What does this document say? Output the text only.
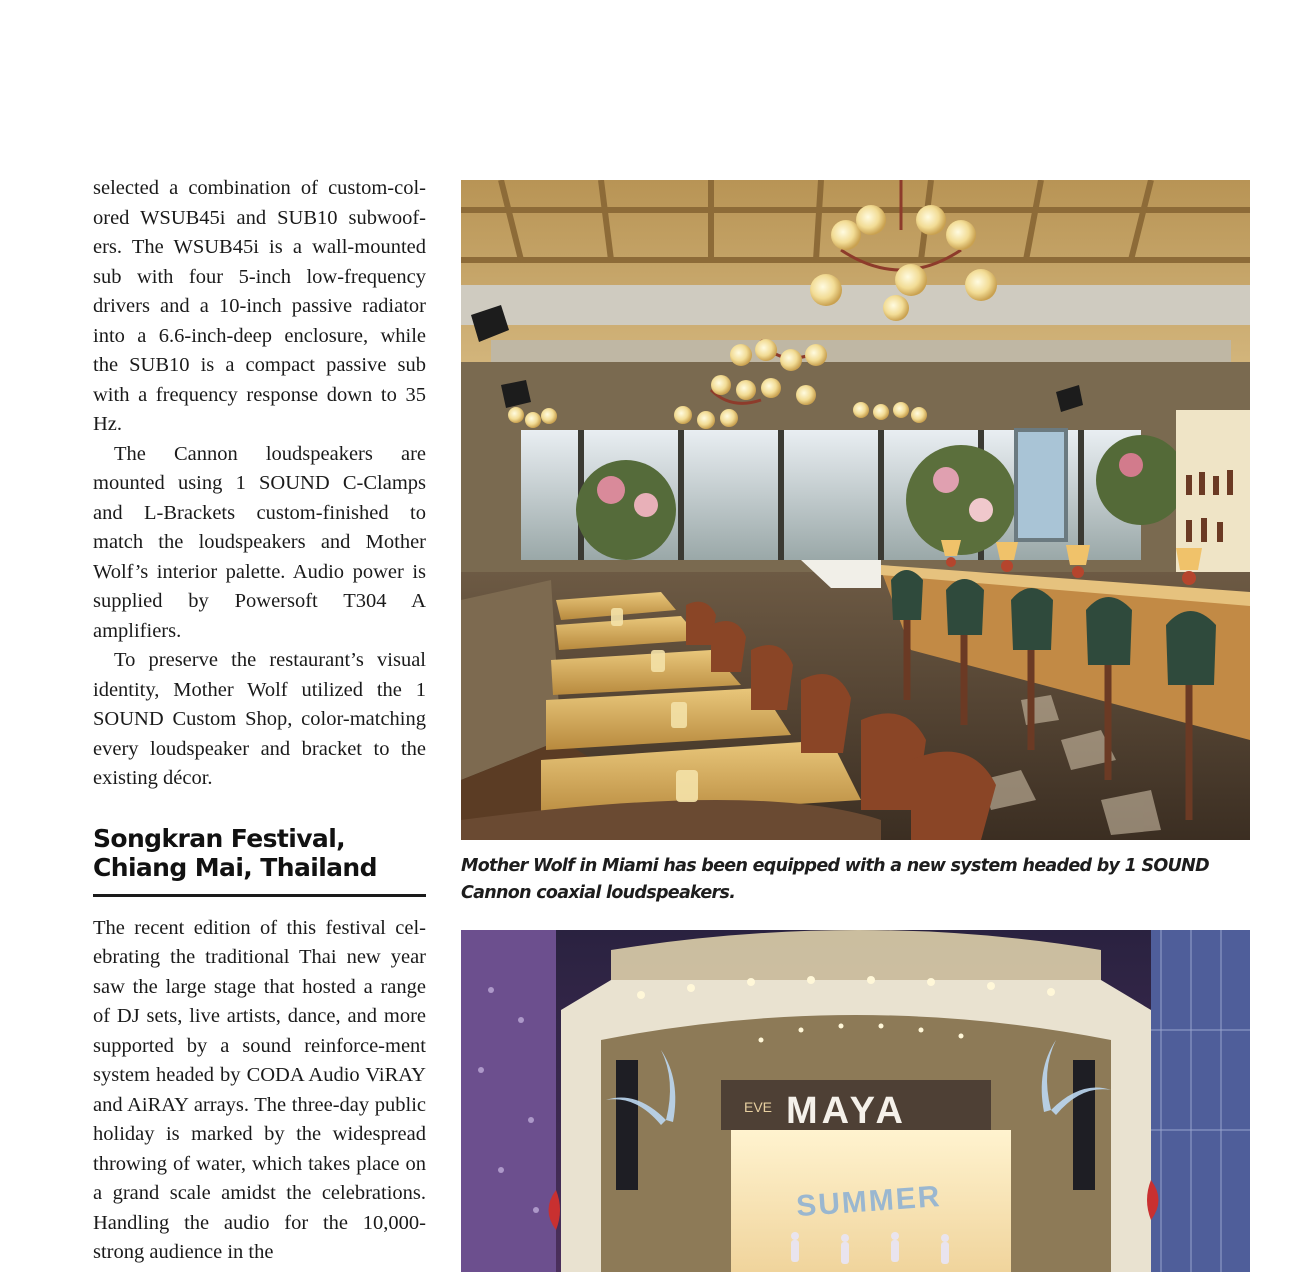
selected a combination of custom-col-ored WSUB45i and SUB10 subwoof-ers. The WSUB45i is a wall-mounted sub with four 5-inch low-frequency drivers and a 10-inch passive radiator into a 6.6-inch-deep enclosure, while the SUB10 is a compact passive sub with a frequency response down to 35 Hz.

The Cannon loudspeakers are mounted using 1 SOUND C-Clamps and L-Brackets custom-finished to match the loudspeakers and Mother Wolf’s interior palette. Audio power is supplied by Powersoft T304 A amplifiers.

To preserve the restaurant’s visual identity, Mother Wolf utilized the 1 SOUND Custom Shop, color-matching every loudspeaker and bracket to the existing décor.

Songkran Festival,
Chiang Mai, Thailand

The recent edition of this festival cel-ebrating the traditional Thai new year saw the large stage that hosted a range of DJ sets, live artists, dance, and more supported by a sound reinforce-ment system headed by CODA Audio ViRAY and AiRAY arrays. The three-day public holiday is marked by the widespread throwing of water, which takes place on a grand scale amidst the celebrations. Handling the audio for the 10,000-strong audience in the

Mother Wolf in Miami has been equipped with a new system headed by 1 SOUND Cannon coaxial loudspeakers.
EVE MAYA
SUMMER
